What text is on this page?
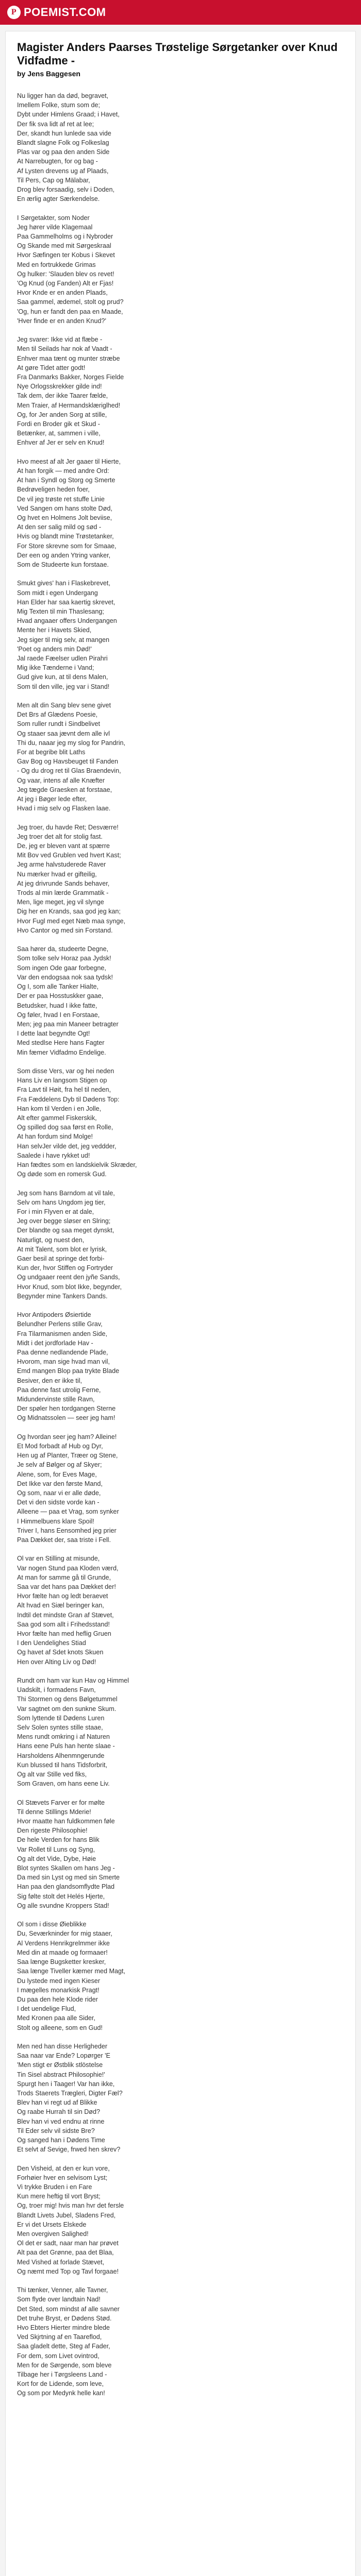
P POEMIST.COM
Magister Anders Paarses Trøstelige Sørgetanker over Knud Vidfadme -
by Jens Baggesen
Nu ligger han da død, begravet,
Imellem Folke, stum som de;
Dybt under Himlens Graad; i Havet,
Der fik sva lidt af ret at lee;
Der, skandt hun lunlede saa vide
Blandt slagne Folk og Folkeslag
Plas var og paa den anden Side
At Narrebugten, for og bag -
Af Lysten drevens ug af Plaads,
Til Pers, Cap og Mälabar,
Drog blev forsaadig, selv i Doden,
En ærlig agter Særkendelse.
I Sørgetakter, som Noder
Jeg hører vilde Klagemaal
Paa Gammelholms og i Nybroder
Og Skande med mit Sørgeskraal
Hvor Sæfingen ter Kobus i Skevet
Med en fortrukkede Grimas
Og hulker: 'Slauden blev os revet!
'Og Knud (og Fanden) Alt er Fjas!
Hvor Knde er en anden Plaads,
Saa gammel, ædemel, stolt og prud?
'Og, hun er fandt den paa en Maade,
'Hver finde er en anden Knud?'
Jeg svarer: Ikke vid at flæbe -
Men til Seilads har nok af Vaadt -
Enhver maa tænt og munter stræbe
At gøre Tidet atter godt!
Fra Danmarks Bakker, Norges Fielde
Nye Orlogsskrekker gilde ind!
Tak dem, der ikke Taarer fælde,
Men Traier, af Hermandsklæriglhed!
Og, for Jer anden Sorg at stille,
Fordi en Broder gik et Skud -
Betænker, at, sammen i ville,
Enhver af Jer er selv en Knud!
Hvo meest af alt Jer gaaer til Hierte,
At han forgik — med andre Ord:
At han i Syndl og Storg og Smerte
Bedrøveligen heden foer,
De vil jeg trøste ret stuffe Linie
Ved Sangen om hans stolte Død,
Og hvet en Holmens Jolt beviise,
At den ser salig mild og sød -
Hvis og blandt mine Trøstetanker,
For Store skrevne som for Smaae,
Der een og anden Ytring vanker,
Som de Studeerte kun forstaae.
Smukt gives' han i Flaskebrevet,
Som midt i egen Undergang
Han Elder har saa kaertig skrevet,
Mig Texten til min Thaslesang;
Hvad angaaer offers Undergangen
Mente her i Havets Skied,
Jeg siger til mig selv, at mangen
'Poet og anders min Død!'
Jal raede Fæelser udlen Pirahri
Mig ikke Tænderne i Vand;
Gud give kun, at til dens Malen,
Som til den ville, jeg var i Stand!
Men alt din Sang blev sene givet
Det Brs af Glædens Poesie,
Som ruller rundt i Sindbelivet
Og staaer saa jævnt dem alle ivl
Thi du, naaar jeg my slog for Pandrin,
For at begribe blit Laths
Gav Bog og Havsbeuget til Fanden
- Og du drog ret til Glas Braendevin,
Og vaar, intens af alle Knæfter
Jeg tægde Graesken at forstaae,
At jeg i Bøger lede efter,
Hvad i mig selv og Flasken laae.
Jeg troer, du havde Ret; Desværre!
Jeg troer det alt for stolig fast.
De, jeg er bleven vant at spærre
Mit Bov ved Grublen ved hvert Kast;
Jeg arme halvstuderede Raver
Nu mærker hvad er gifteilig,
At jeg drivrunde Sands behaver,
Trods al min lærde Grammatik -
Men, lige meget, jeg vil slynge
Dig her en Krands, saa god jeg kan;
Hvor Fugl med eget Næb maa synge,
Hvo Cantor og med sin Forstand.
Saa hører da, studeerte Degne,
Som tolke selv Horaz paa Jydsk!
Som ingen Ode gaar forbegne,
Var den endogsaa nok saa tydsk!
Og I, som alle Tanker Hialte,
Der er paa Hosstuskker gaae,
Betudsker, huad I ikke fatte,
Og føler, hvad I en Forstaae,
Men; jeg paa min Maneer betragter
I dette laat begyndte Ogt!
Med stedlse Here hans Fagter
Min fæmer Vidfadmo Endelige.
Som disse Vers, var og hei neden
Hans Liv en langsom Stigen op
Fra Lavt til Høit, fra hel til neden,
Fra Fæddelens Dyb til Dødens Top:
Han kom til Verden i en Jolle,
Alt efter gammel Fiskerskik,
Og spilled dog saa først en Rolle,
At han fordum sind Molge!
Han selvJer vilde det, jeg veddder,
Saalede i have rykket ud!
Han fædtes som en landskielvik Skræder,
Og døde som en romersk Gud.
Jeg som hans Barndom at vil tale,
Selv om hans Ungdom jeg tier,
For i min Flyven er at dale,
Jeg over begge sløser en Slring;
Der blandte og saa meget dynskt,
Naturligt, og nuest den,
At mit Talent, som blot er lyrisk,
Gaer besil at springe det forbi-
Kun der, hvor Stiffen og Fortryder
Og undgaaer reent den jyñe Sands,
Hvor Knud, som blot Ikke, begynder,
Begynder mine Tankers Dands.
Hvor Antipoders Øsiertide
Belundher Perlens stille Grav,
Fra Tilarmanismen anden Side,
Midt i det jordforlade Hav -
Paa denne nedlandende Plade,
Hvorom, man sige hvad man vil,
Emd mangen Blop paa trykte Blade
Besiver, den er ikke til,
Paa denne fast utrolig Ferne,
Midundervinste stille Ravn,
Der spøler hen tordgangen Sterne
Og Midnatssolen — seer jeg ham!
Og hvordan seer jeg ham? Alleine!
Et Mod forbadt af Hub og Dyr,
Hen ug af Planter, Træer og Stene,
Je selv af Bølger og af Skyer;
Alene, som, for Eves Mage,
Det Ikke var den første Mand,
Og som, naar vi er alle døde,
Det vi den sidste vorde kan -
Alleene — paa et Vrag, som synker
I Himmelbuens klare Spoil!
Triver I, hans Eensomhed jeg prier
Paa Dækket der, saa triste i Fell.
Ol var en Stilling at misunde,
Var nogen Stund paa Kloden værd,
At man for samme gå til Grunde,
Saa var det hans paa Dækket der!
Hvor fælte han og ledt beraevet
Alt hvad en Siæl beringer kan,
Indtil det mindste Gran af Stævet,
Saa god som allt i Frihedsstand!
Hvor fælte han med heflig Gruen
I den Uendelighes Stiad
Og havet af Sdet knots Skuen
Hen over Alting Liv og Død!
Rundt om ham var kun Hav og Himmel
Uadskilt, i formadens Favn,
Thi Stormen og dens Bølgetummel
Var sagtnet om den sunkne Skum.
Som lyttende til Dødens Luren
Selv Solen syntes stille staae,
Mens rundt omkring i af Naturen
Hans eene Puls han hente slaae -
Harsholdens Alhenmngerunde
Kun blussed til hans Tidsforbrit,
Og alt var Stille ved fiks,
Som Graven, om hans eene Liv.
Ol Stævets Farver er for mølte
Til denne Stillings Mderie!
Hvor maatte han fuldkommen føle
Den rigeste Philosophie!
De hele Verden for hans Blik
Var Rollet til Luns og Syng,
Og alt det Vide, Dybe, Høie
Blot syntes Skallen om hans Jeg -
Da med sin Lyst og med sin Smerte
Han paa den glandsomflydte Plad
Sig følte stolt det Helés Hjerte,
Og alle svundne Kroppers Stad!
Ol som i disse Øieblikke
Du, Seværkninder for mig staaer,
Al Verdens Henrikgrelmmer ikke
Med din at maade og formaaer!
Saa længe Bugsketter kresker,
Saa længe Tiveller kæmer med Magt,
Du lystede med ingen Kieser
I mægelles monarkisk Pragt!
Du paa den hele Klode rider
I det uendelige Flud,
Med Kronen paa alle Sider,
Stolt og alleene, som en Gud!
Men ned han disse Herligheder
Saa naar var Ende? Lopørger 'E
'Men stigt er Østblik stlöstelse
Tin Sisel abstract Philosophie!'
Spurgt hen i Taager! Var han ikke,
Trods Staerets Trægleri, Digter Fæl?
Blev han vi regt ud af Blikke
Og raabe Hurrah til sin Død?
Blev han vi ved endnu at rinne
Til Eder selv vil sidste Bre?
Og sanged han i Dødens Time
Et selvt af Sevige, frwed hen skrev?
Den Visheid, at den er kun vore,
Forhøier hver en selvisom Lyst;
Vi trykke Bruden i en Fare
Kun mere heftig til vort Bryst;
Og, troer mig! hvis man hvr det fersle
Blandt Livets Jubel, Sladens Fred,
Er vi det Ursets Elskede
Men overgiven Salighed!
Ol det er sadt, naar man har prøvet
Alt paa det Grønne, paa det Blaa,
Med Vished at forlade Stævet,
Og næmt med Top og Tavl forgaae!
Thi tænker, Venner, alle Tavner,
Som flyde over landtain Nad!
Det Sted, som mindst af alle savner
Det truhe Bryst, er Dødens Stød.
Hvo Ebters Hierter mindre blede
Ved Skjrtning af en Taareflod,
Saa gladelt dette, Steg af Fader,
For dem, som Livet ovintrod,
Men for de Sørgende, som bleve
Tilbage her i Tørgsleens Land -
Kort for de Lidende, som leve,
Og som por Medynk helle kan!
